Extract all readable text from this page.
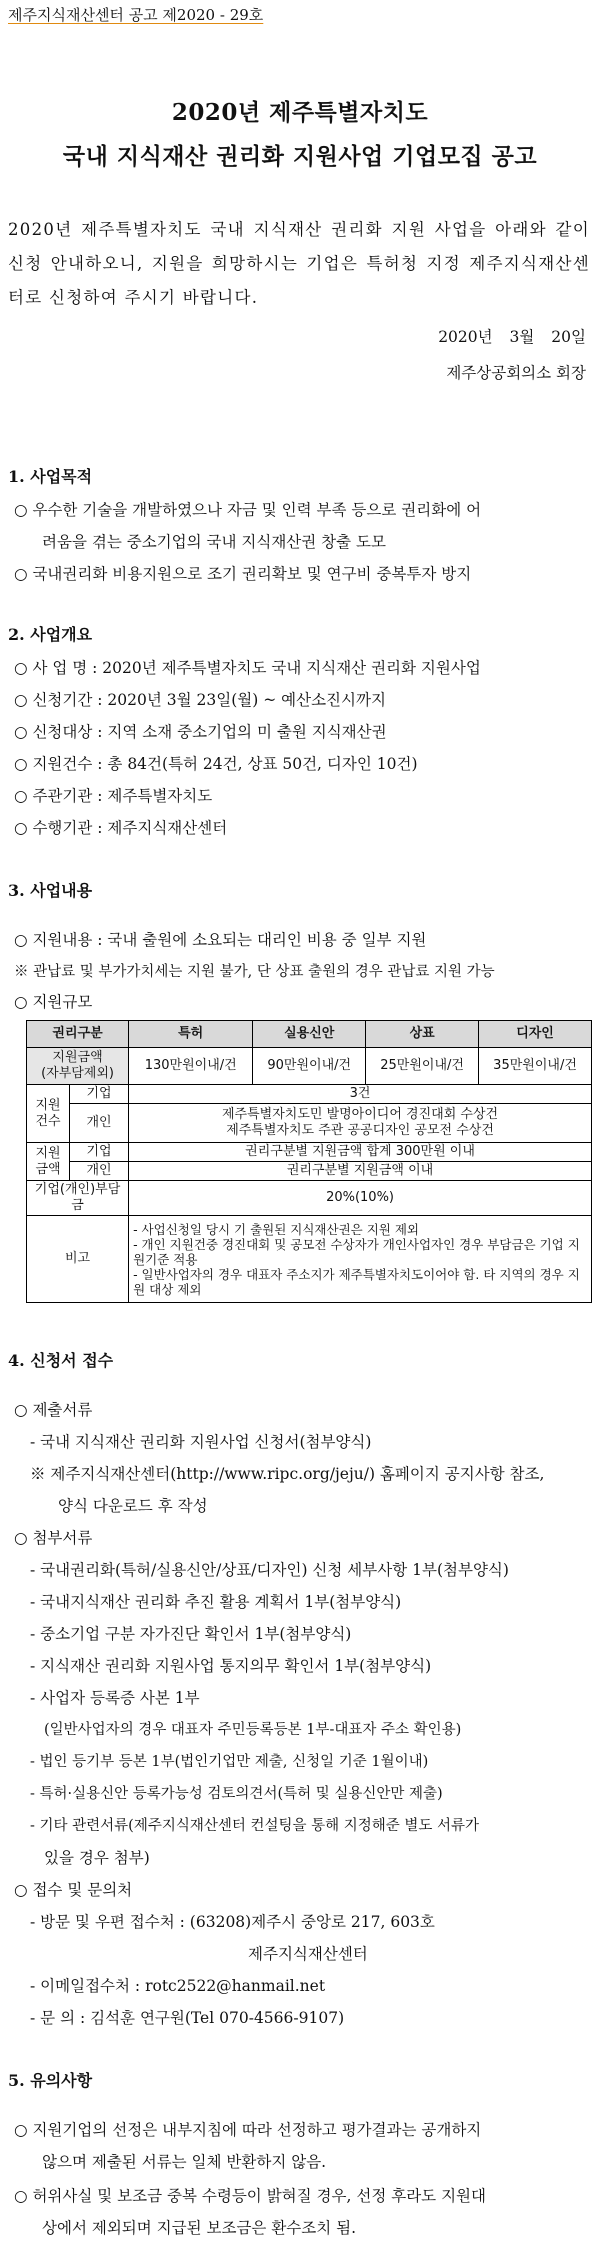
제주지식재산센터 공고 제2020 - 29호
2020년 제주특별자치도
국내 지식재산 권리화 지원사업 기업모집 공고
2020년 제주특별자치도 국내 지식재산 권리화 지원 사업을 아래와 같이 신청 안내하오니, 지원을 희망하시는 기업은 특허청 지정 제주지식재산센터로 신청하여 주시기 바랍니다.
2020년 3월 20일
제주상공회의소 회장
1. 사업목적
○ 우수한 기술을 개발하였으나 자금 및 인력 부족 등으로 권리화에 어
려움을 겪는 중소기업의 국내 지식재산권 창출 도모
○ 국내권리화 비용지원으로 조기 권리확보 및 연구비 중복투자 방지
2. 사업개요
○ 사 업 명 : 2020년 제주특별자치도 국내 지식재산 권리화 지원사업
○ 신청기간 : 2020년 3월 23일(월) ~ 예산소진시까지
○ 신청대상 : 지역 소재 중소기업의 미 출원 지식재산권
○ 지원건수 : 총 84건(특허 24건, 상표 50건, 디자인 10건)
○ 주관기관 : 제주특별자치도
○ 수행기관 : 제주지식재산센터
3. 사업내용
○ 지원내용 : 국내 출원에 소요되는 대리인 비용 중 일부 지원
※ 관납료 및 부가가치세는 지원 불가, 단 상표 출원의 경우 관납료 지원 가능
○ 지원규모
권리구분		특허	실용신안	상표	디자인
지원금액
(자부담제외)		130만원이내/건	90만원이내/건	25만원이내/건	35만원이내/건
지원
건수	기업	3건			
	개인	제주특별자치도민 발명아이디어 경진대회 수상건
제주특별자치도 주관 공공디자인 공모전 수상건			
지원
금액	기업	권리구분별 지원금액 합계 300만원 이내			
	개인	권리구분별 지원금액 이내			
기업(개인)부담금		20%(10%)			
비고		- 사업신청일 당시 기 출원된 지식재산권은 지원 제외
- 개인 지원건중 경진대회 및 공모전 수상자가 개인사업자인 경우 부담금은 기업 지원기준 적용
- 일반사업자의 경우 대표자 주소지가 제주특별자치도이어야 함. 타 지역의 경우 지원 대상 제외			
4. 신청서 접수
○ 제출서류
- 국내 지식재산 권리화 지원사업 신청서(첨부양식)
※ 제주지식재산센터(http://www.ripc.org/jeju/) 홈페이지 공지사항 참조,
양식 다운로드 후 작성
○ 첨부서류
- 국내권리화(특허/실용신안/상표/디자인) 신청 세부사항 1부(첨부양식)
- 국내지식재산 권리화 추진 활용 계획서 1부(첨부양식)
- 중소기업 구분 자가진단 확인서 1부(첨부양식)
- 지식재산 권리화 지원사업 통지의무 확인서 1부(첨부양식)
- 사업자 등록증 사본 1부
(일반사업자의 경우 대표자 주민등록등본 1부-대표자 주소 확인용)
- 법인 등기부 등본 1부(법인기업만 제출, 신청일 기준 1월이내)
- 특허·실용신안 등록가능성 검토의견서(특허 및 실용신안만 제출)
- 기타 관련서류(제주지식재산센터 컨설팅을 통해 지정해준 별도 서류가
있을 경우 첨부)
○ 접수 및 문의처
- 방문 및 우편 접수처 : (63208)제주시 중앙로 217, 603호
제주지식재산센터
- 이메일접수처 : rotc2522@hanmail.net
- 문 의 : 김석훈 연구원(Tel 070-4566-9107)
5. 유의사항
○ 지원기업의 선정은 내부지침에 따라 선정하고 평가결과는 공개하지
않으며 제출된 서류는 일체 반환하지 않음.
○ 허위사실 및 보조금 중복 수령등이 밝혀질 경우, 선정 후라도 지원대
상에서 제외되며 지급된 보조금은 환수조치 됨.
